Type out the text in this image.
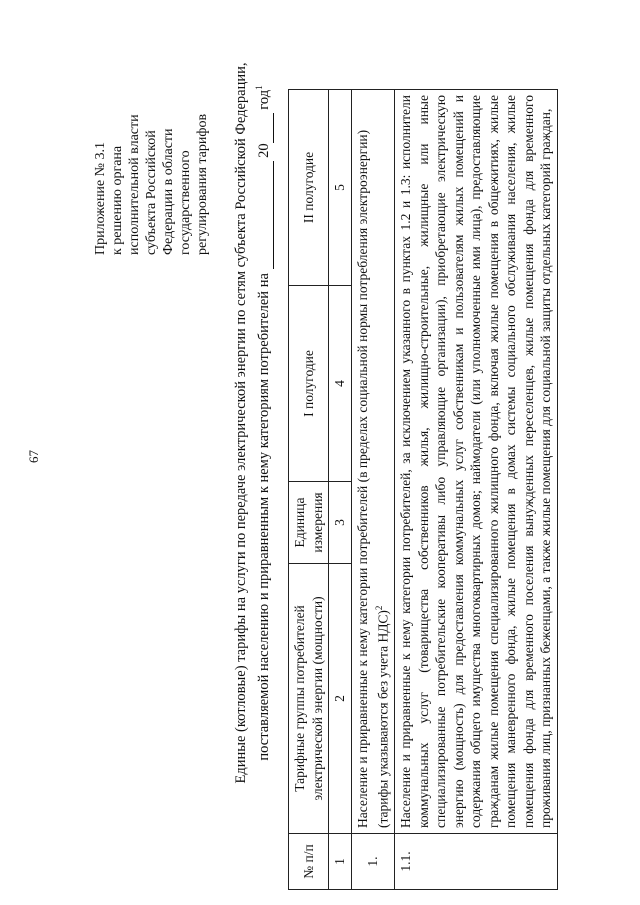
67
Приложение № 3.1 к решению органа исполнительной власти субъекта Российской Федерации в области государственного регулирования тарифов Единые (котловые) тарифы на услуги по передаче электрической энергии по сетям субъекта Российской Федерации, поставляемой населению и приравненным к нему категориям потребителей на   20  год$^1$
№ п/п	Тарифные группы потребителей электрической энергии (мощности)	Единица измерения	I полугодие	II полугодие
1	2	3	4	5
1.	Население и приравненные к нему категории потребителей (в пределах социальной нормы потребления электроэнергии) (тарифы указываются без учета НДС)$^2$
1.1.	Население и приравненные к нему категории потребителей, за исключением указанного в пунктах 1.2 и 1.3: исполнители коммунальных услуг (товарищества собственников жилья, жилищно-строительные, жилищные или иные специализированные потребительские кооперативы либо управляющие организации), приобретающие электрическую энергию (мощность) для предоставления коммунальных услуг собственникам и пользователям жилых помещений и содержания общего имущества многоквартирных домов; наймодатели (или уполномоченные ими лица), предоставляющие гражданам жилые помещения специализированного жилищного фонда, включая жилые помещения в общежитиях, жилые помещения маневренного фонда, жилые помещения в домах системы социального обслуживания населения, жилые помещения фонда для временного поселения вынужденных переселенцев, жилые помещения фонда для временного проживания лиц, признанных беженцами, а также жилые помещения для социальной защиты отдельных категорий граждан,			
